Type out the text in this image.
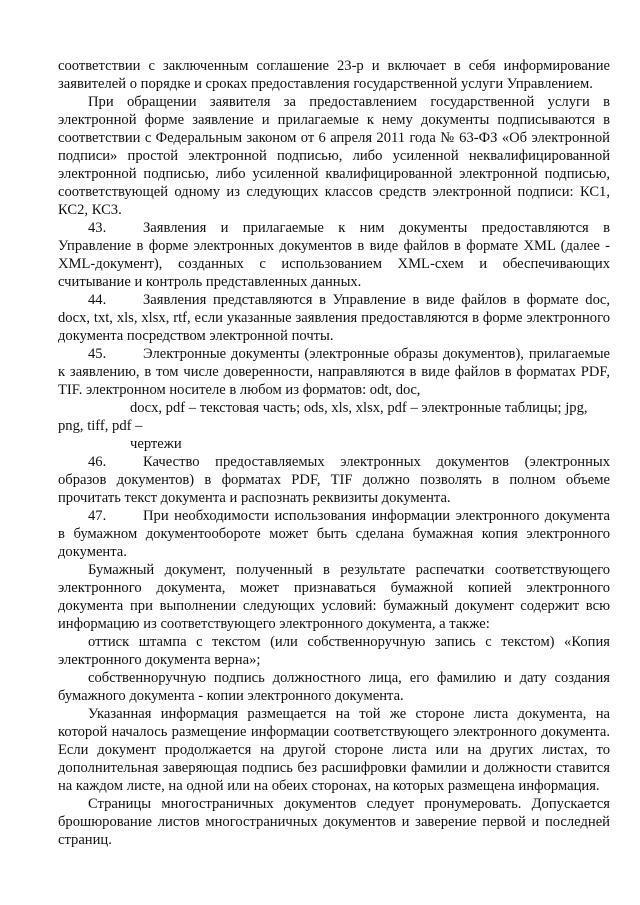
соответствии с заключенным соглашение 23-р и включает в себя информирование заявителей о порядке и сроках предоставления государственной услуги Управлением.

При обращении заявителя за предоставлением государственной услуги в электронной форме заявление и прилагаемые к нему документы подписываются в соответствии с Федеральным законом от 6 апреля 2011 года № 63-ФЗ «Об электронной подписи» простой электронной подписью, либо усиленной неквалифицированной электронной подписью, либо усиленной квалифицированной электронной подписью, соответствующей одному из следующих классов средств электронной подписи: КС1, КС2, КС3.

43.	Заявления и прилагаемые к ним документы предоставляются в Управление в форме электронных документов в виде файлов в формате XML (далее - XML-документ), созданных с использованием XML-схем и обеспечивающих считывание и контроль представленных данных.

44.	Заявления представляются в Управление в виде файлов в формате doc, docx, txt, xls, xlsx, rtf, если указанные заявления предоставляются в форме электронного документа посредством электронной почты.

45.	Электронные документы (электронные образы документов), прилагаемые к заявлению, в том числе доверенности, направляются в виде файлов в форматах PDF, TIF. электронном носителе в любом из форматов: odt, doc,

docx, pdf – текстовая часть; ods, xls, xlsx, pdf – электронные таблицы; jpg, png, tiff, pdf –

чертежи

46.	Качество предоставляемых электронных документов (электронных образов документов) в форматах PDF, TIF должно позволять в полном объеме прочитать текст документа и распознать реквизиты документа.

47.	При необходимости использования информации электронного документа в бумажном документообороте может быть сделана бумажная копия электронного документа.

Бумажный документ, полученный в результате распечатки соответствующего электронного документа, может признаваться бумажной копией электронного документа при выполнении следующих условий: бумажный документ содержит всю информацию из соответствующего электронного документа, а также:

оттиск штампа с текстом (или собственноручную запись с текстом) «Копия электронного документа верна»;

собственноручную подпись должностного лица, его фамилию и дату создания бумажного документа - копии электронного документа.

Указанная информация размещается на той же стороне листа документа, на которой началось размещение информации соответствующего электронного документа. Если документ продолжается на другой стороне листа или на других листах, то дополнительная заверяющая подпись без расшифровки фамилии и должности ставится на каждом листе, на одной или на обеих сторонах, на которых размещена информация.

Страницы многостраничных документов следует пронумеровать. Допускается брошюрование листов многостраничных документов и заверение первой и последней страниц.
